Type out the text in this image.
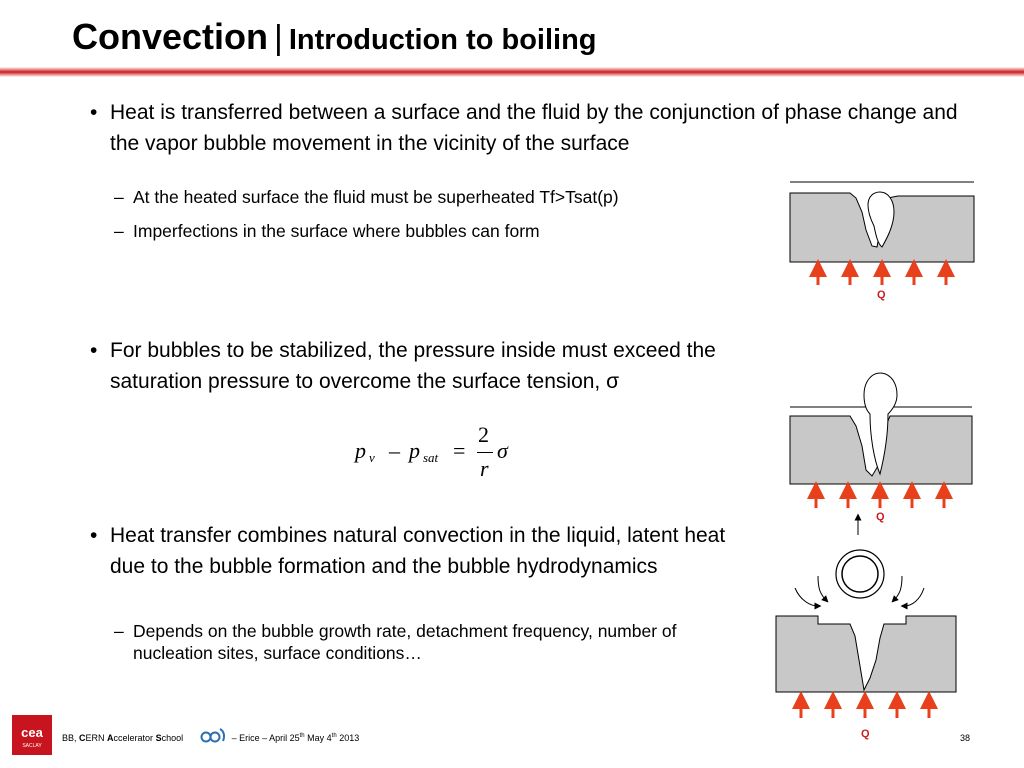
Convection | Introduction to boiling
• Heat is transferred between a surface and the fluid by the conjunction of phase change and the vapor bubble movement in the vicinity of the surface
– At the heated surface the fluid must be superheated Tf>Tsat(p)
– Imperfections in the surface where bubbles can form
• For bubbles to be stabilized, the pressure inside must exceed the saturation pressure to overcome the surface tension, σ
p v – p sat =
2
r
σ
• Heat transfer combines natural convection in the liquid, latent heat due to the bubble formation and the bubble hydrodynamics
– Depends on the bubble growth rate, detachment frequency, number of nucleation sites, surface conditions…
Q
Q
Q
cea
SACLAY
BB, CERN Accelerator School	– Erice – April 25th May 4th 2013	38
